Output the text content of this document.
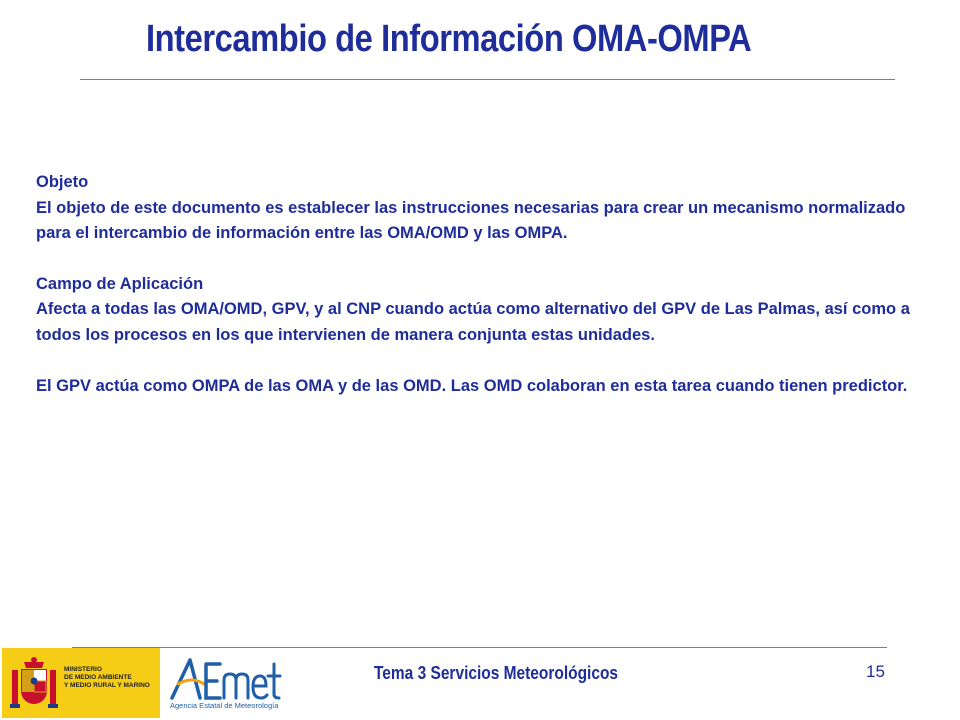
Intercambio de Información OMA-OMPA

Objeto

El objeto de este documento es establecer las instrucciones necesarias para crear un mecanismo normalizado para el intercambio de información entre las OMA/OMD y las OMPA.

Campo de Aplicación

Afecta a todas las OMA/OMD, GPV, y al CNP cuando actúa como alternativo del GPV de Las Palmas, así como a todos los procesos en los que intervienen de manera conjunta estas unidades.

El GPV actúa como OMPA de las OMA y de las OMD. Las OMD colaboran en esta tarea cuando tienen predictor.

MINISTERIO
DE MEDIO AMBIENTE
Y MEDIO RURAL Y MARINO
Agencia Estatal de Meteorología
Tema 3 Servicios Meteorológicos	15
